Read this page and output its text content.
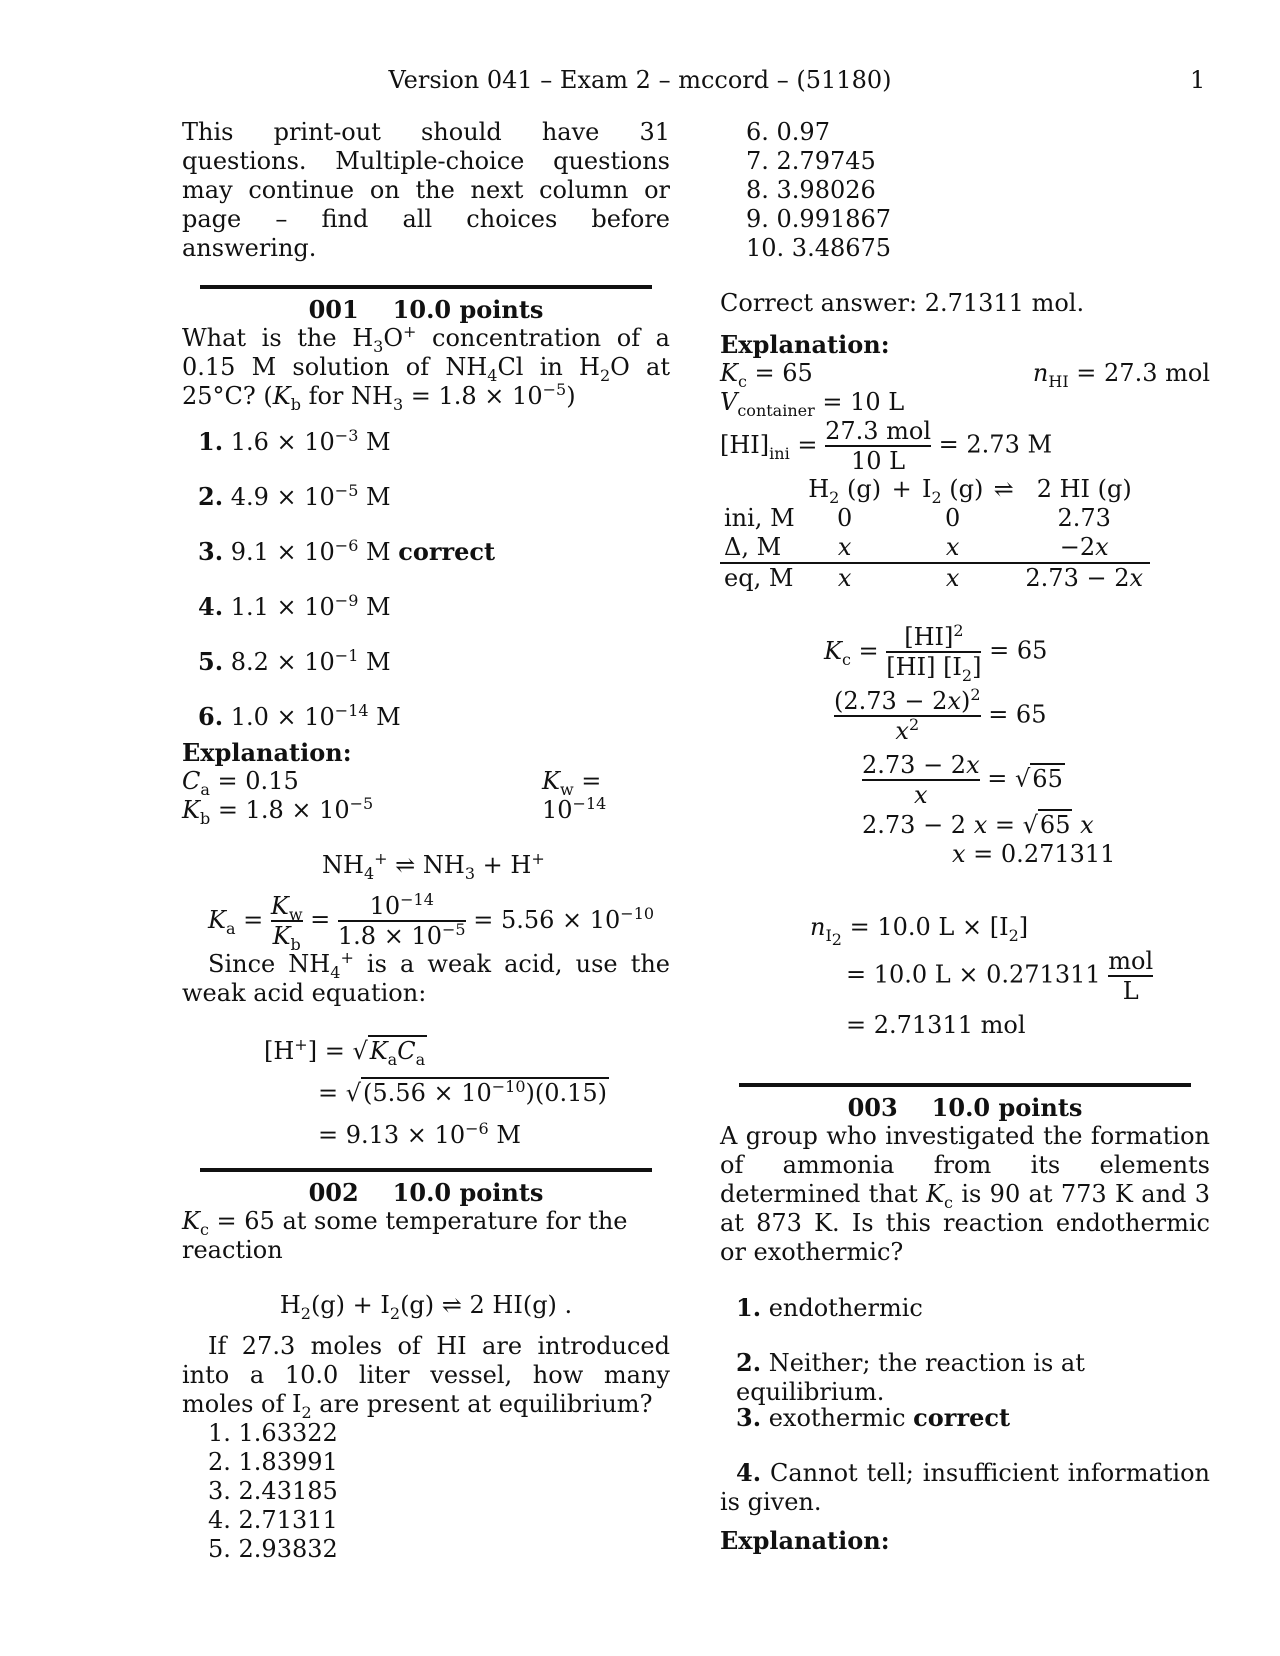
Version 041 – Exam 2 – mccord – (51180)	1
This print-out should have 31 questions. Multiple-choice questions may continue on the next column or page – find all choices before answering.
001 10.0 points
What is the $H_3O^+$ concentration of a 0.15 M solution of $NH_4Cl$ in $H_2O$ at 25°C? ($K_b$ for $NH_3 = 1.8 \times 10^{-5}$)
1. $1.6 \times 10^{-3}$ M
2. $4.9 \times 10^{-5}$ M
3. $9.1 \times 10^{-6}$ M correct
4. $1.1 \times 10^{-9}$ M
5. $8.2 \times 10^{-1}$ M
6. $1.0 \times 10^{-14}$ M
Explanation:
$C_a = 0.15$	$K_w = 10^{-14}$
$K_b = 1.8 \times 10^{-5}$
$NH_4^+$ ⇌ $NH_3 + H^+$
$K_a = \frac{K_w}{K_b} = \frac{10^{-14}}{1.8 \times 10^{-5}} = 5.56 \times 10^{-10}$
Since $NH_4^+$ is a weak acid, use the weak acid equation:
$[H^+] = √K_aC_a$
= $√(5.56 \times 10^{-10})(0.15)$
= $9.13 \times 10^{-6}$ M
002 10.0 points
$K_c = 65$ at some temperature for the reaction
$H_2(g) + I_2(g)$ ⇌ 2 HI(g) .
If 27.3 moles of HI are introduced into a 10.0 liter vessel, how many moles of $I_2$ are present at equilibrium?
1. 1.63322
2. 1.83991
3. 2.43185
4. 2.71311
5. 2.93832
6. 0.97
7. 2.79745
8. 3.98026
9. 0.991867
10. 3.48675
Correct answer: 2.71311 mol.
Explanation:
$K_c = 65$	$n_{HI} = 27.3$ mol
$V_{container} = 10$ L
$[HI]_{ini} = \frac{\text{27.3 mol}}{10 L} = 2.73$ M
	$H_2$ (g)	+	$I_2$ (g)	⇌	2 HI (g)
ini, M	0		0		2.73
Δ, M	x		x		−2x
eq, M	x		x		2.73 − 2x
$K_c = \frac{[HI]^2}{[HI] [I_2]} = 65$
$\frac{(2.73 - 2x)^2}{x^2} = 65$
$\frac{2.73 - 2x}{x} = √65$
2.73 − 2 x = √65 x
x = 0.271311
$n_{I_2} = 10.0$ $L \times [I_2]$
= 10.0 $L \times 0.271311 \frac{\text{mol}}{L}$
= 2.71311 mol
003 10.0 points
A group who investigated the formation of ammonia from its elements determined that $K_c$ is 90 at 773 K and 3 at 873 K. Is this reaction endothermic or exothermic?
1. endothermic
2. Neither; the reaction is at equilibrium.
3. exothermic correct
4. Cannot tell; insufficient information is given.
Explanation:
